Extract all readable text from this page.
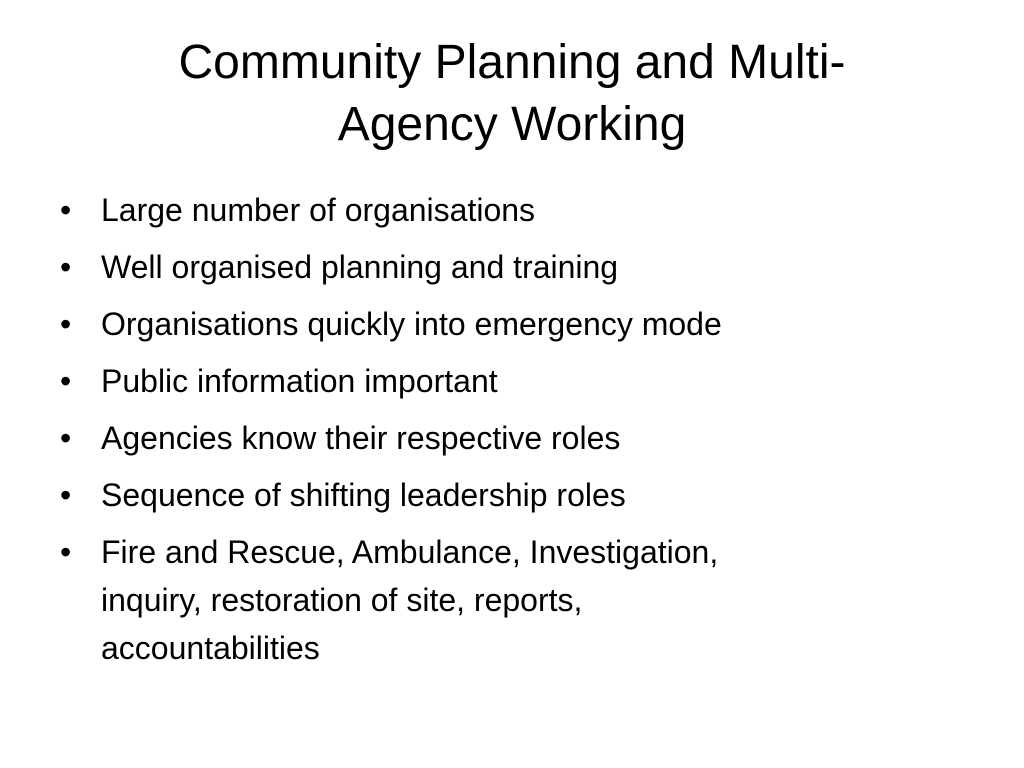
Community Planning and Multi-
Agency Working
• Large number of organisations
• Well organised planning and training
• Organisations quickly into emergency mode
• Public information important
• Agencies know their respective roles
• Sequence of shifting leadership roles
• Fire and Rescue, Ambulance, Investigation,
inquiry, restoration of site, reports,
accountabilities
